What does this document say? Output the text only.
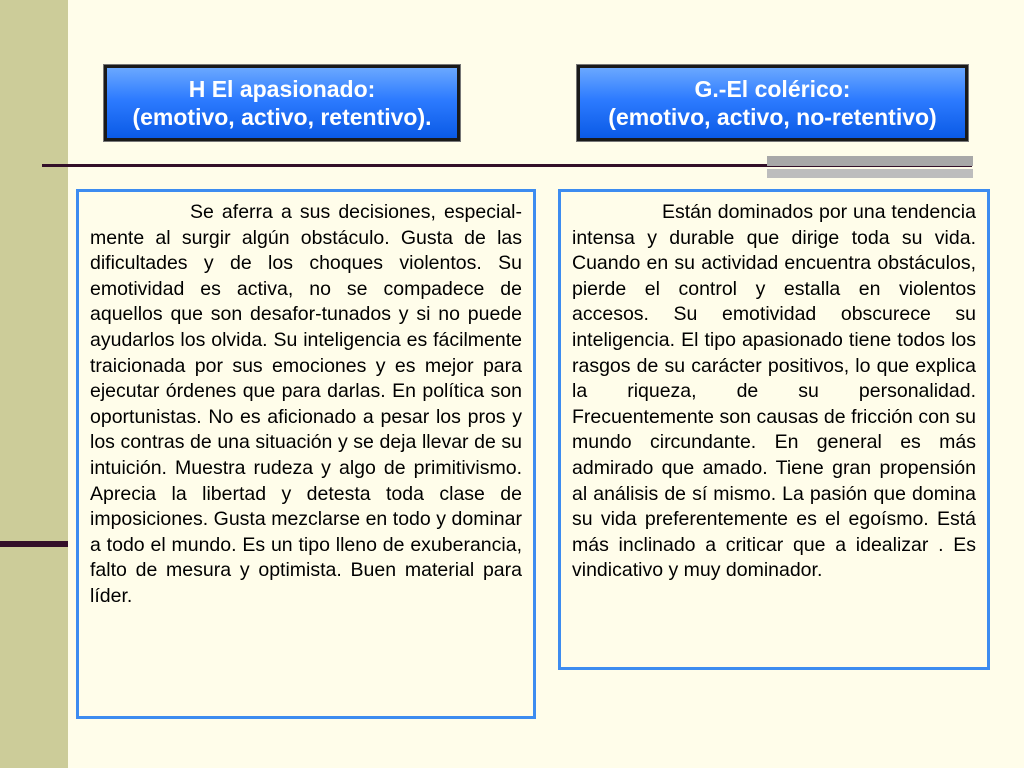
H El apasionado:
(emotivo, activo, retentivo).
G.-El colérico:
(emotivo, activo, no-retentivo)

Se aferra a sus decisiones, especial-mente al surgir algún obstáculo. Gusta de las dificultades y de los choques violentos. Su emotividad es activa, no se compadece de aquellos que son desafor-tunados y si no puede ayudarlos los olvida. Su inteligencia es fácilmente traicionada por sus emociones y es mejor para ejecutar órdenes que para darlas. En política son oportunistas. No es aficionado a pesar los pros y los contras de una situación y se deja llevar de su intuición. Muestra rudeza y algo de primitivismo. Aprecia la libertad y detesta toda clase de imposiciones. Gusta mezclarse en todo y dominar a todo el mundo. Es un tipo lleno de exuberancia, falto de mesura y optimista. Buen material para líder.

Están dominados por una tendencia intensa y durable que dirige toda su vida. Cuando en su actividad encuentra obstáculos, pierde el control y estalla en violentos accesos. Su emotividad obscurece su inteligencia. El tipo apasionado tiene todos los rasgos de su carácter positivos, lo que explica la riqueza, de su personalidad. Frecuentemente son causas de fricción con su mundo circundante. En general es más admirado que amado. Tiene gran propensión al análisis de sí mismo. La pasión que domina su vida preferentemente es el egoísmo. Está más inclinado a criticar que a idealizar . Es vindicativo y muy dominador.
